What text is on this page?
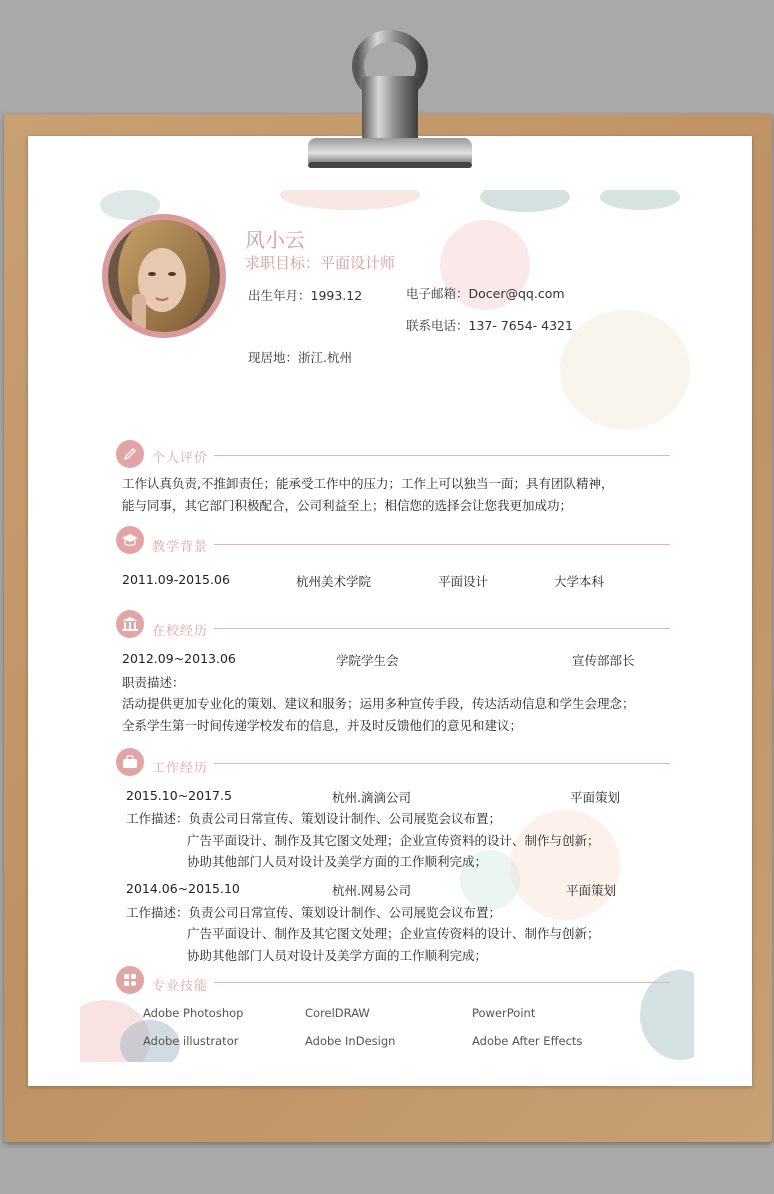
风小云
求职目标：平面设计师
出生年月：1993.12	电子邮箱：Docer@qq.com
联系电话：137- 7654- 4321
现居地：浙江.杭州
个人评价
工作认真负责,不推卸责任；能承受工作中的压力；工作上可以独当一面；具有团队精神，
能与同事，其它部门积极配合，公司利益至上；相信您的选择会让您我更加成功；
教学背景
2011.09-2015.06	杭州美术学院	平面设计	大学本科
在校经历
2012.09~2013.06	学院学生会	宣传部部长
职责描述：
活动提供更加专业化的策划、建议和服务；运用多种宣传手段，传达活动信息和学生会理念；
全系学生第一时间传递学校发布的信息，并及时反馈他们的意见和建议；
工作经历
2015.10~2017.5	杭州.滴滴公司	平面策划
工作描述：负责公司日常宣传、策划设计制作、公司展览会议布置；
广告平面设计、制作及其它图文处理；企业宣传资料的设计、制作与创新；
协助其他部门人员对设计及美学方面的工作顺利完成；
2014.06~2015.10	杭州.网易公司	平面策划
工作描述：负责公司日常宣传、策划设计制作、公司展览会议布置；
广告平面设计、制作及其它图文处理；企业宣传资料的设计、制作与创新；
协助其他部门人员对设计及美学方面的工作顺利完成；
专业技能
Adobe Photoshop	CorelDRAW	PowerPoint
Adobe illustrator	Adobe InDesign	Adobe After Effects
